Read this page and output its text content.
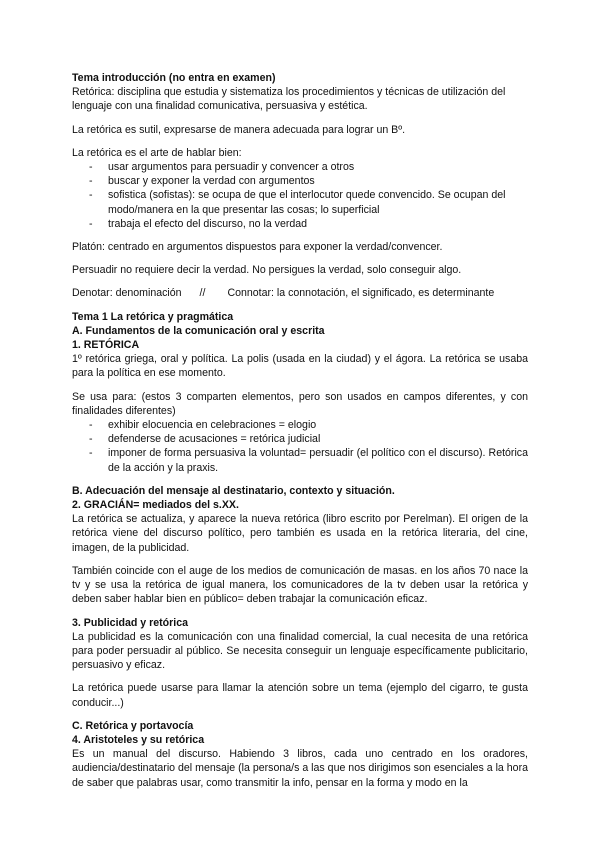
Tema introducción (no entra en examen)

Retórica: disciplina que estudia y sistematiza los procedimientos y técnicas de utilización del lenguaje con una finalidad comunicativa, persuasiva y estética.

La retórica es sutil, expresarse de manera adecuada para lograr un Bº.

La retórica es el arte de hablar bien:

- usar argumentos para persuadir y convencer a otros
- buscar y exponer la verdad con argumentos
- sofistica (sofistas): se ocupa de que el interlocutor quede convencido. Se ocupan del modo/manera en la que presentar las cosas; lo superficial
- trabaja el efecto del discurso, no la verdad

Platón: centrado en argumentos dispuestos para exponer la verdad/convencer.

Persuadir no requiere decir la verdad. No persigues la verdad, solo conseguir algo.

Denotar: denominación // Connotar: la connotación, el significado, es determinante

Tema 1 La retórica y pragmática

A. Fundamentos de la comunicación oral y escrita

1. RETÓRICA

1º retórica griega, oral y política. La polis (usada en la ciudad) y el ágora. La retórica se usaba para la política en ese momento.

Se usa para: (estos 3 comparten elementos, pero son usados en campos diferentes, y con finalidades diferentes)

- exhibir elocuencia en celebraciones = elogio
- defenderse de acusaciones = retórica judicial
- imponer de forma persuasiva la voluntad= persuadir (el político con el discurso). Retórica de la acción y la praxis.

B. Adecuación del mensaje al destinatario, contexto y situación.

2. GRACIÁN= mediados del s.XX.

La retórica se actualiza, y aparece la nueva retórica (libro escrito por Perelman). El origen de la retórica viene del discurso político, pero también es usada en la retórica literaria, del cine, imagen, de la publicidad.

También coincide con el auge de los medios de comunicación de masas. en los años 70 nace la tv y se usa la retórica de igual manera, los comunicadores de la tv deben usar la retórica y deben saber hablar bien en público= deben trabajar la comunicación eficaz.

3. Publicidad y retórica

La publicidad es la comunicación con una finalidad comercial, la cual necesita de una retórica para poder persuadir al público. Se necesita conseguir un lenguaje específicamente publicitario, persuasivo y eficaz.

La retórica puede usarse para llamar la atención sobre un tema (ejemplo del cigarro, te gusta conducir...)

C. Retórica y portavocía

4. Aristoteles y su retórica

Es un manual del discurso. Habiendo 3 libros, cada uno centrado en los oradores, audiencia/destinatario del mensaje (la persona/s a las que nos dirigimos son esenciales a la hora de saber que palabras usar, como transmitir la info, pensar en la forma y modo en la
